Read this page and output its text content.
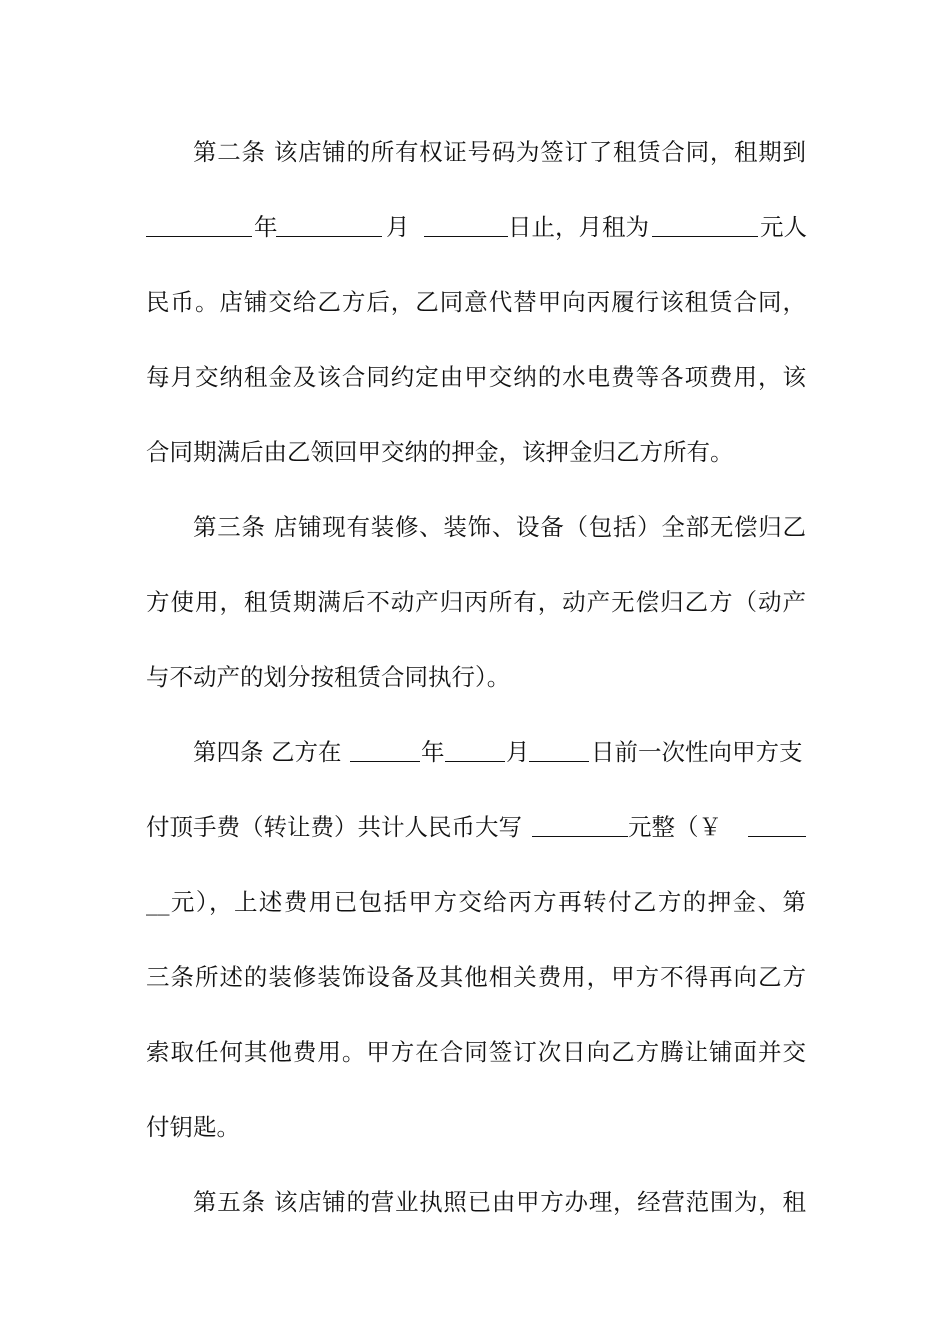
第二条 该店铺的所有权证号码为签订了租赁合同，租期到
年	月	日止，月租为	元人
民币。店铺交给乙方后，乙同意代替甲向丙履行该租赁合同，
每月交纳租金及该合同约定由甲交纳的水电费等各项费用，该
合同期满后由乙领回甲交纳的押金，该押金归乙方所有。
第三条 店铺现有装修、装饰、设备（包括）全部无偿归乙
方使用，租赁期满后不动产归丙所有，动产无偿归乙方（动产
与不动产的划分按租赁合同执行）。
第四条 乙方在	年	月	日前一次性向甲方支
付顶手费（转让费）共计人民币大写	元整（￥
__元），上述费用已包括甲方交给丙方再转付乙方的押金、第
三条所述的装修装饰设备及其他相关费用，甲方不得再向乙方
索取任何其他费用。甲方在合同签订次日向乙方腾让铺面并交
付钥匙。
第五条 该店铺的营业执照已由甲方办理，经营范围为，租
